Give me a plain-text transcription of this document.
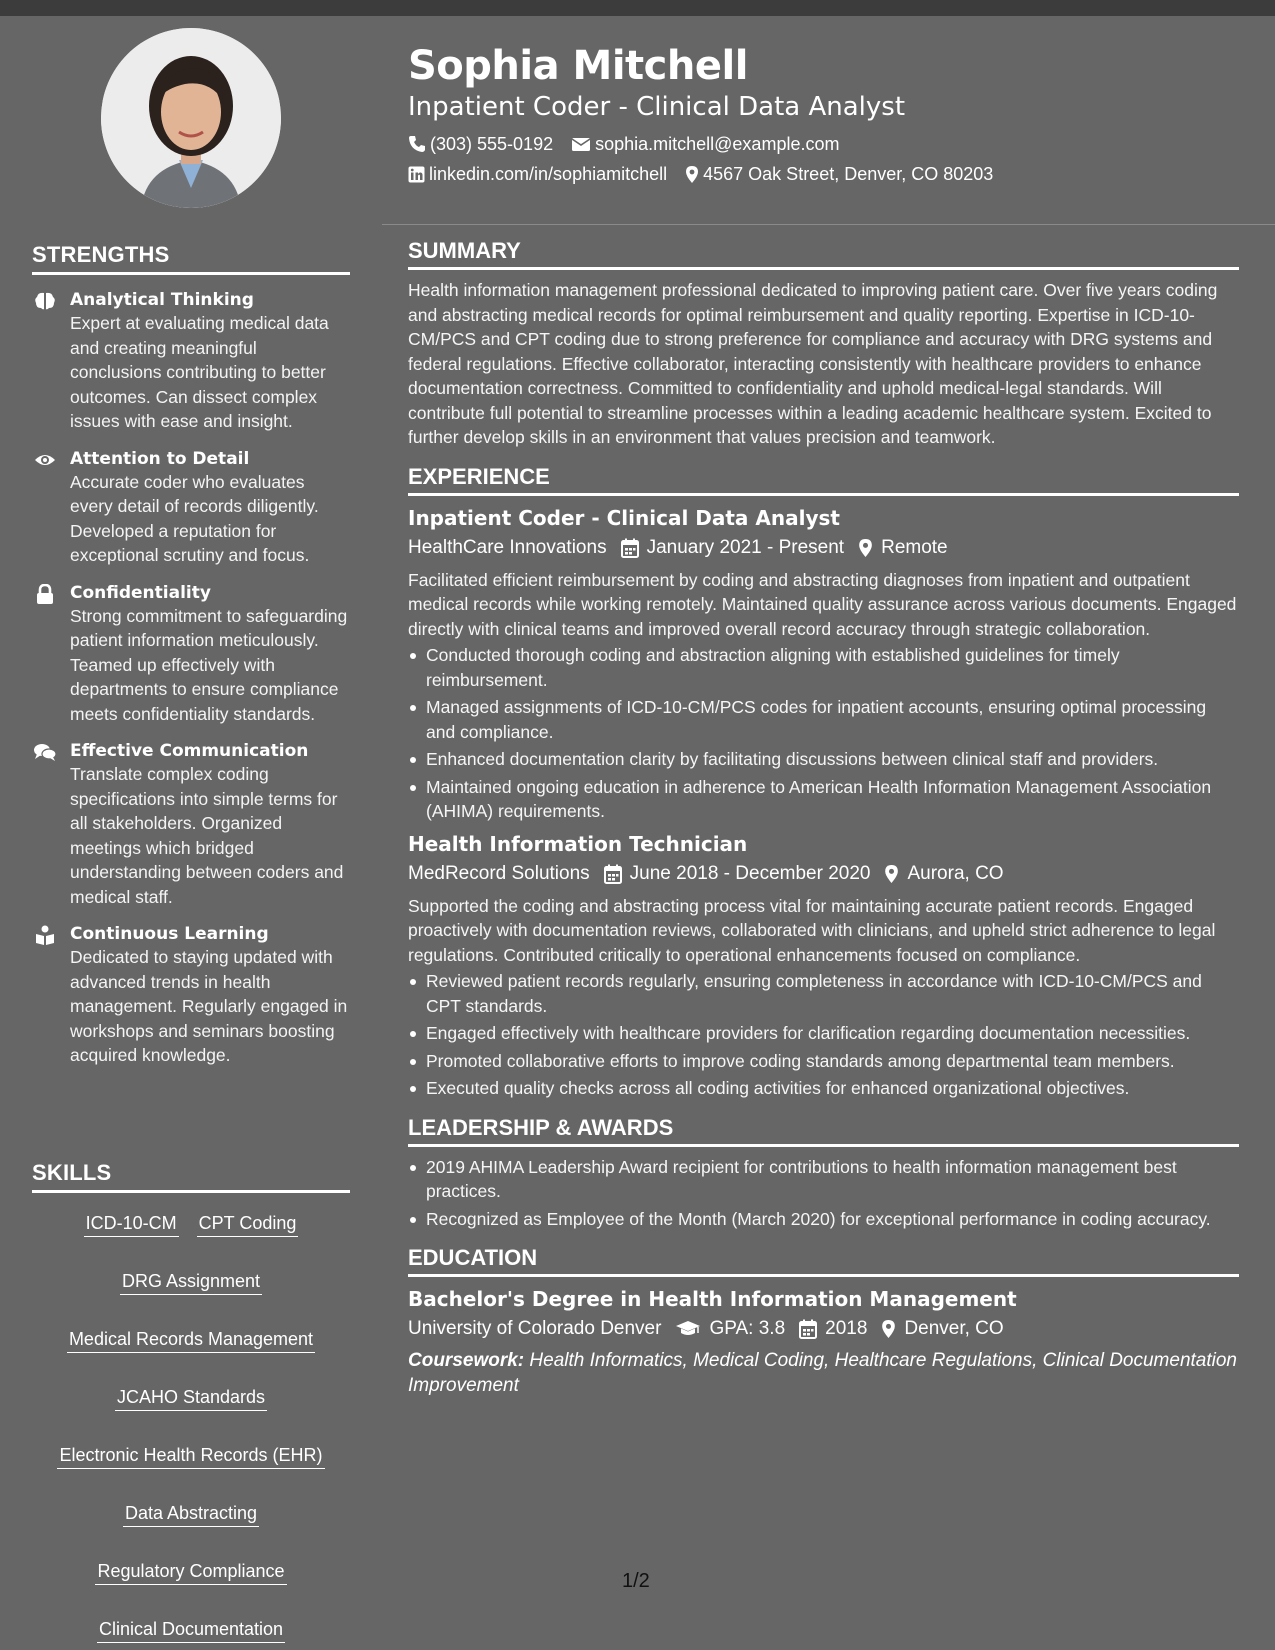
STRENGTHS
Analytical Thinking
Expert at evaluating medical data and creating meaningful conclusions contributing to better outcomes. Can dissect complex issues with ease and insight.
Attention to Detail
Accurate coder who evaluates every detail of records diligently. Developed a reputation for exceptional scrutiny and focus.
Confidentiality
Strong commitment to safeguarding patient information meticulously. Teamed up effectively with departments to ensure compliance meets confidentiality standards.
Effective Communication
Translate complex coding specifications into simple terms for all stakeholders. Organized meetings which bridged understanding between coders and medical staff.
Continuous Learning
Dedicated to staying updated with advanced trends in health management. Regularly engaged in workshops and seminars boosting acquired knowledge.
SKILLS
ICD-10-CM CPT Coding
DRG Assignment
Medical Records Management
JCAHO Standards
Electronic Health Records (EHR)
Data Abstracting
Regulatory Compliance
Clinical Documentation
Sophia Mitchell
Inpatient Coder - Clinical Data Analyst
(303) 555-0192 sophia.mitchell@example.com
linkedin.com/in/sophiamitchell 4567 Oak Street, Denver, CO 80203
SUMMARY
Health information management professional dedicated to improving patient care. Over five years coding and abstracting medical records for optimal reimbursement and quality reporting. Expertise in ICD-10-CM/PCS and CPT coding due to strong preference for compliance and accuracy with DRG systems and federal regulations. Effective collaborator, interacting consistently with healthcare providers to enhance documentation correctness. Committed to confidentiality and uphold medical-legal standards. Will contribute full potential to streamline processes within a leading academic healthcare system. Excited to further develop skills in an environment that values precision and teamwork.
EXPERIENCE
Inpatient Coder - Clinical Data Analyst
HealthCare Innovations January 2021 - Present Remote
Facilitated efficient reimbursement by coding and abstracting diagnoses from inpatient and outpatient medical records while working remotely. Maintained quality assurance across various documents. Engaged directly with clinical teams and improved overall record accuracy through strategic collaboration.
Conducted thorough coding and abstraction aligning with established guidelines for timely reimbursement.
Managed assignments of ICD-10-CM/PCS codes for inpatient accounts, ensuring optimal processing and compliance.
Enhanced documentation clarity by facilitating discussions between clinical staff and providers.
Maintained ongoing education in adherence to American Health Information Management Association (AHIMA) requirements.
Health Information Technician
MedRecord Solutions June 2018 - December 2020 Aurora, CO
Supported the coding and abstracting process vital for maintaining accurate patient records. Engaged proactively with documentation reviews, collaborated with clinicians, and upheld strict adherence to legal regulations. Contributed critically to operational enhancements focused on compliance.
Reviewed patient records regularly, ensuring completeness in accordance with ICD-10-CM/PCS and CPT standards.
Engaged effectively with healthcare providers for clarification regarding documentation necessities.
Promoted collaborative efforts to improve coding standards among departmental team members.
Executed quality checks across all coding activities for enhanced organizational objectives.
LEADERSHIP & AWARDS
2019 AHIMA Leadership Award recipient for contributions to health information management best practices.
Recognized as Employee of the Month (March 2020) for exceptional performance in coding accuracy.
EDUCATION
Bachelor's Degree in Health Information Management
University of Colorado Denver	GPA: 3.8 2018 Denver, CO
Coursework: Health Informatics, Medical Coding, Healthcare Regulations, Clinical Documentation Improvement
1/2
